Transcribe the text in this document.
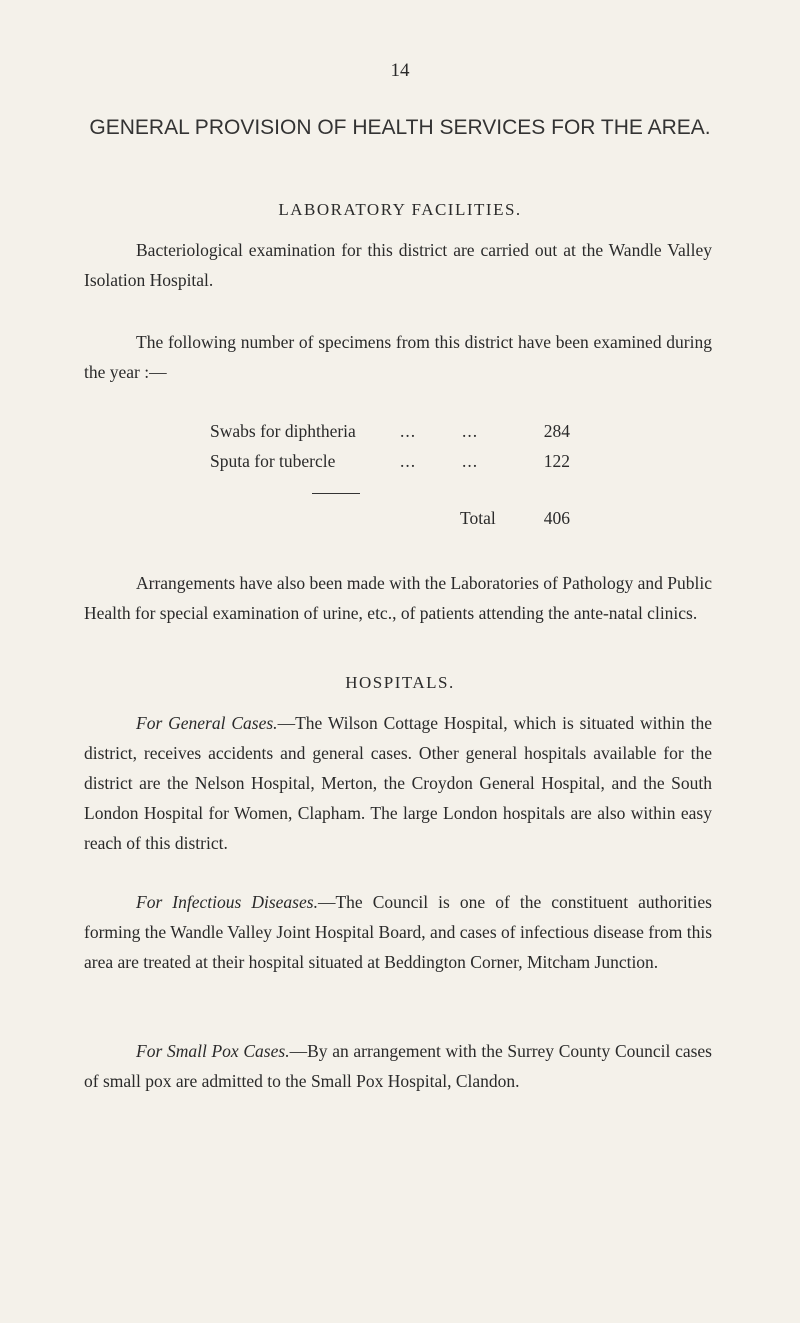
14
GENERAL PROVISION OF HEALTH SERVICES FOR THE AREA.
LABORATORY FACILITIES.
Bacteriological examination for this district are carried out at the Wandle Valley Isolation Hospital.
The following number of specimens from this district have been examined during the year :—
Swabs for diphtheria	...	...	284
Sputa for tubercle	...	...	122
Total	406
Arrangements have also been made with the Laboratories of Pathology and Public Health for special examination of urine, etc., of patients attending the ante-natal clinics.
HOSPITALS.
For General Cases.—The Wilson Cottage Hospital, which is situated within the district, receives accidents and general cases. Other general hospitals available for the district are the Nelson Hospital, Merton, the Croydon General Hospital, and the South London Hospital for Women, Clapham. The large London hospitals are also within easy reach of this district.
For Infectious Diseases.—The Council is one of the constituent authorities forming the Wandle Valley Joint Hospital Board, and cases of infectious disease from this area are treated at their hospital situated at Beddington Corner, Mitcham Junction.
For Small Pox Cases.—By an arrangement with the Surrey County Council cases of small pox are admitted to the Small Pox Hospital, Clandon.
